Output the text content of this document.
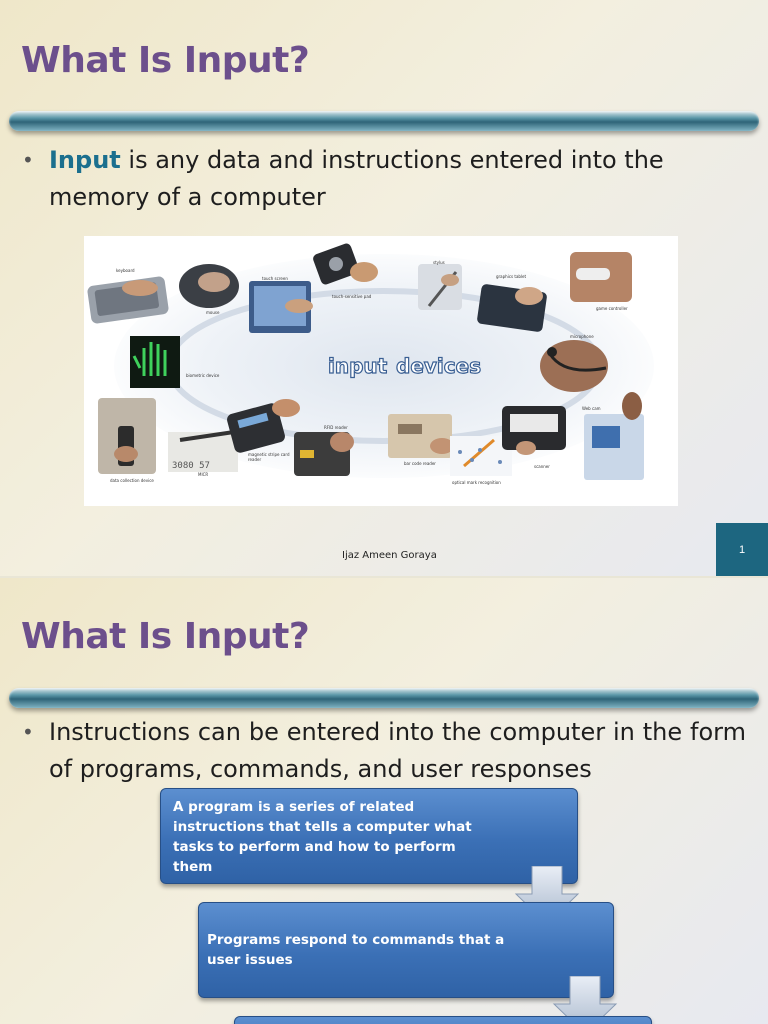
What Is Input?
• Input is any data and instructions entered into the memory of a computer
3080 57
input devices
keyboard
mouse
touch screen
touch-sensitive pad
stylus
graphics tablet
game controller
biometric device
microphone
data collection device
MICR
magnetic stripe card reader
RFID reader
bar code reader
optical mark recognition
scanner
Web cam
Ijaz Ameen Goraya	1
What Is Input?
• Instructions can be entered into the computer in the form of programs, commands, and user responses
A program is a series of related instructions that tells a computer what tasks to perform and how to perform them
Programs respond to commands that a user issues
